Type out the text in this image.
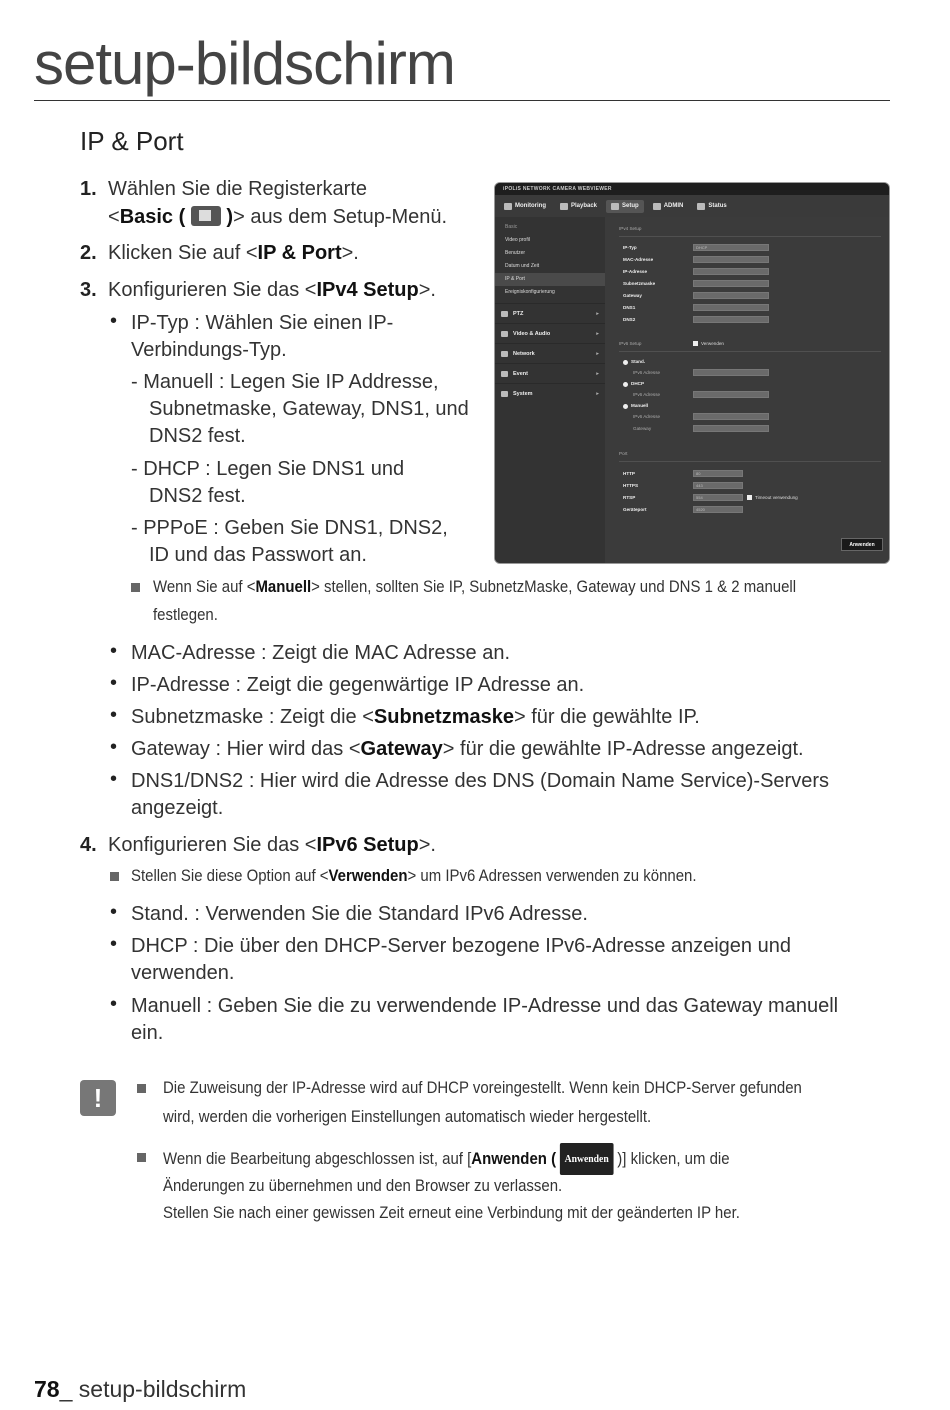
setup-bildschirm
IP & Port
1. Wählen Sie die Registerkarte
<Basic ( )> aus dem Setup-Menü.
2. Klicken Sie auf <IP & Port>.
3. Konfigurieren Sie das <IPv4 Setup>.
• IP-Typ : Wählen Sie einen IP-
Verbindungs-Typ.
- Manuell : Legen Sie IP Addresse,
Subnetmaske, Gateway, DNS1, und
DNS2 fest.
- DHCP : Legen Sie DNS1 und
DNS2 fest.
- PPPoE : Geben Sie DNS1, DNS2,
ID und das Passwort an.
Wenn Sie auf <Manuell> stellen, sollten Sie IP, SubnetzMaske, Gateway und DNS 1 & 2 manuell
festlegen.
• MAC-Adresse : Zeigt die MAC Adresse an.
• IP-Adresse : Zeigt die gegenwärtige IP Adresse an.
• Subnetzmaske : Zeigt die <Subnetzmaske> für die gewählte IP.
• Gateway : Hier wird das <Gateway> für die gewählte IP-Adresse angezeigt.
• DNS1/DNS2 : Hier wird die Adresse des DNS (Domain Name Service)-Servers
angezeigt.
4. Konfigurieren Sie das <IPv6 Setup>.
Stellen Sie diese Option auf <Verwenden> um IPv6 Adressen verwenden zu können.
• Stand. : Verwenden Sie die Standard IPv6 Adresse.
• DHCP : Die über den DHCP-Server bezogene IPv6-Adresse anzeigen und
verwenden.
• Manuell : Geben Sie die zu verwendende IP-Adresse und das Gateway manuell
ein.
!	Die Zuweisung der IP-Adresse wird auf DHCP voreingestellt. Wenn kein DHCP-Server gefunden
wird, werden die vorherigen Einstellungen automatisch wieder hergestellt.
Wenn die Bearbeitung abgeschlossen ist, auf [Anwenden ( Anwenden )] klicken, um die
Änderungen zu übernehmen und den Browser zu verlassen.
Stellen Sie nach einer gewissen Zeit erneut eine Verbindung mit der geänderten IP her.
iPOLiS NETWORK CAMERA WEBVIEWER
Monitoring	Playback	Setup	ADMIN	Status
Basic
Video profil
Benutzer
Datum und Zeit
IP & Port
Ereigniskonfigurierung
PTZ ▸
Video & Audio ▸
Network ▸
Event ▸
System ▸
IPv4 Setup
IP-Typ	DHCP
MAC-Adresse
IP-Adresse
Subnetzmaske
Gateway
DNS1
DNS2
IPv6 Setup	Verwenden
Stand.
IPv6 Adresse
DHCP
IPv6 Adresse
Manuell
IPv6 Adresse
Gateway
Port
HTTP	80
HTTPS	443
RTSP	554	Timeout verwendung
Geräteport	4520
Anwenden
78_ setup-bildschirm
